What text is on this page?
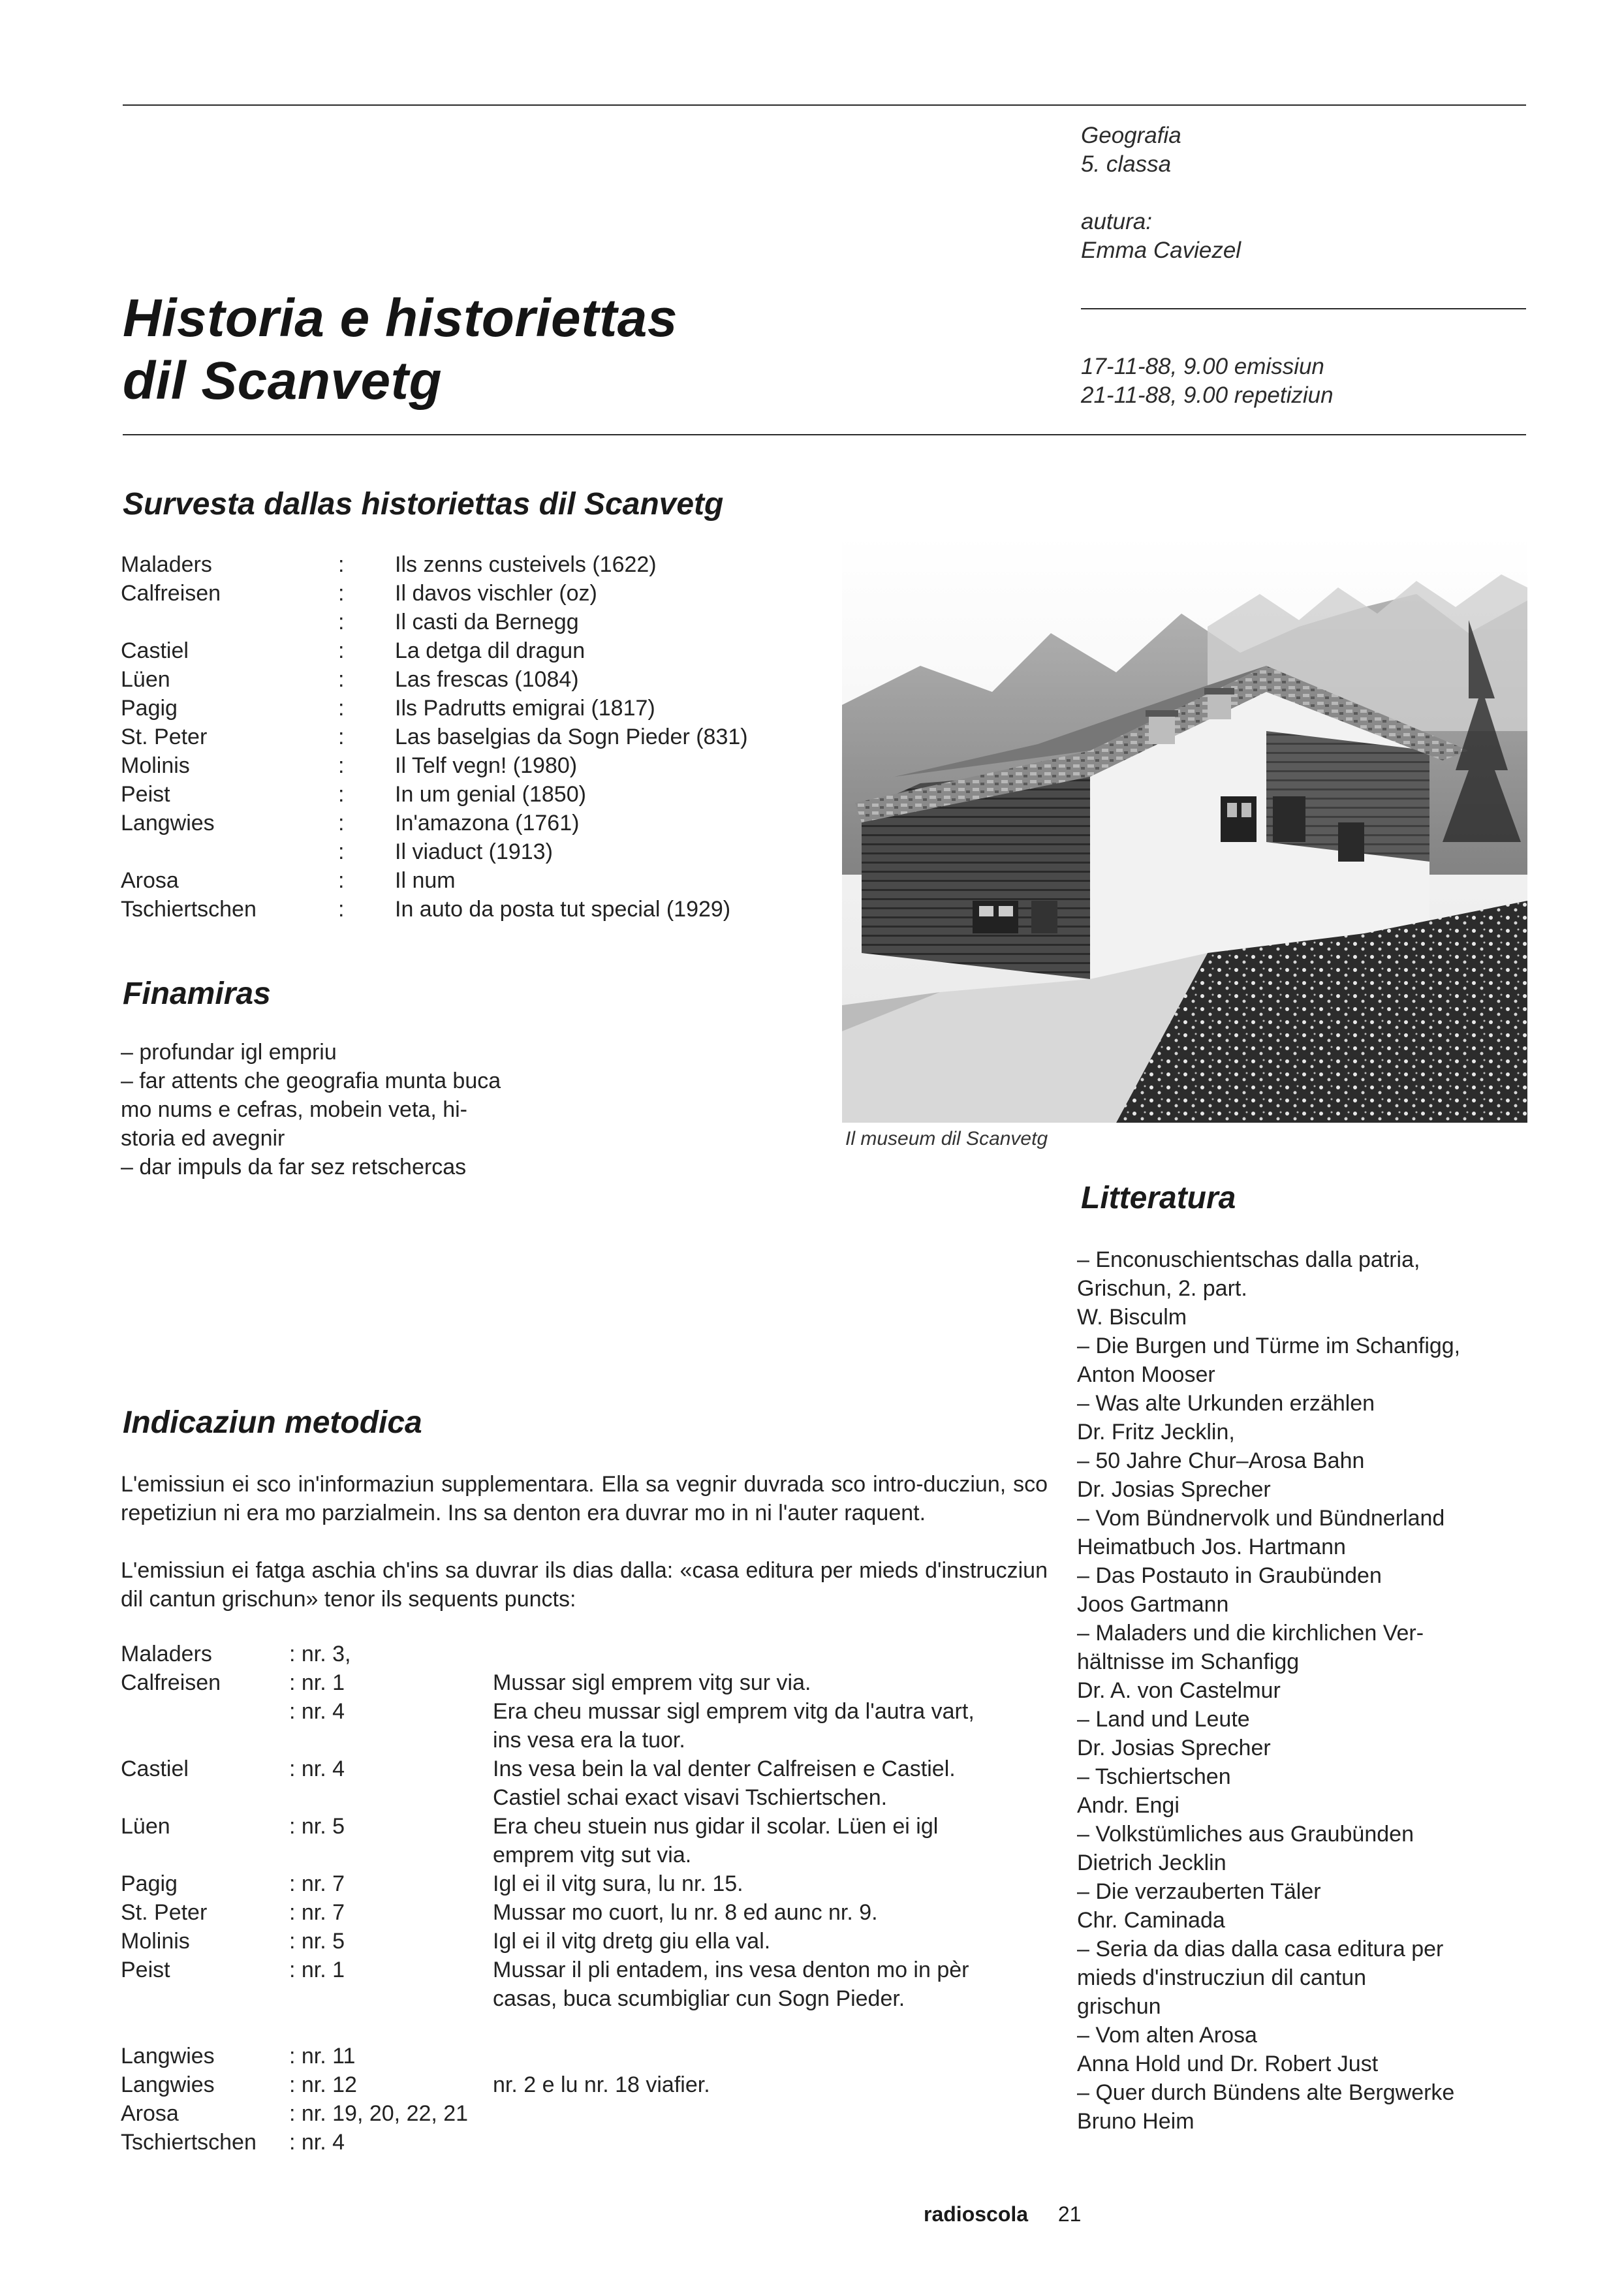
Geografia
5. classa
autura:
Emma Caviezel
17-11-88, 9.00 emissiun
21-11-88, 9.00 repetiziun
Historia e historiettas
dil Scanvetg
Survesta dallas historiettas dil Scanvetg
Maladers	: Ils zenns custeivels (1622)
Calfreisen	: Il davos vischler (oz)
: Il casti da Bernegg
Castiel	: La detga dil dragun
Lüen	: Las frescas (1084)
Pagig	: Ils Padrutts emigrai (1817)
St. Peter	: Las baselgias da Sogn Pieder (831)
Molinis	: Il Telf vegn! (1980)
Peist	: In um genial (1850)
Langwies	: In'amazona (1761)
: Il viaduct (1913)
Arosa	: Il num
Tschiertschen	: In auto da posta tut special (1929)
Il museum dil Scanvetg
Finamiras
– profundar igl empriu
– far attents che geografia munta buca
mo nums e cefras, mobein veta, hi-
storia ed avegnir
– dar impuls da far sez retschercas
Litteratura
– Enconuschientschas dalla patria,
Grischun, 2. part.
W. Bisculm
– Die Burgen und Türme im Schanfigg,
Anton Mooser
– Was alte Urkunden erzählen
Dr. Fritz Jecklin,
– 50 Jahre Chur–Arosa Bahn
Dr. Josias Sprecher
– Vom Bündnervolk und Bündnerland
Heimatbuch Jos. Hartmann
– Das Postauto in Graubünden
Joos Gartmann
– Maladers und die kirchlichen Ver-
hältnisse im Schanfigg
Dr. A. von Castelmur
– Land und Leute
Dr. Josias Sprecher
– Tschiertschen
Andr. Engi
– Volkstümliches aus Graubünden
Dietrich Jecklin
– Die verzauberten Täler
Chr. Caminada
– Seria da dias dalla casa editura per
mieds d'instrucziun dil cantun
grischun
– Vom alten Arosa
Anna Hold und Dr. Robert Just
– Quer durch Bündens alte Bergwerke
Bruno Heim
Indicaziun metodica
L'emissiun ei sco in'informaziun supplementara. Ella sa vegnir duvrada sco intro-ducziun, sco repetiziun ni era mo parzialmein. Ins sa denton era duvrar mo in ni l'auter raquent.
L'emissiun ei fatga aschia ch'ins sa duvrar ils dias dalla: «casa editura per mieds d'instrucziun dil cantun grischun» tenor ils sequents puncts:
Maladers	: nr. 3,
Calfreisen	: nr. 1	Mussar sigl emprem vitg sur via.
: nr. 4	Era cheu mussar sigl emprem vitg da l'autra vart,
ins vesa era la tuor.
Castiel	: nr. 4	Ins vesa bein la val denter Calfreisen e Castiel.
Castiel schai exact visavi Tschiertschen.
Lüen	: nr. 5	Era cheu stuein nus gidar il scolar. Lüen ei igl
emprem vitg sut via.
Pagig	: nr. 7	Igl ei il vitg sura, lu nr. 15.
St. Peter	: nr. 7	Mussar mo cuort, lu nr. 8 ed aunc nr. 9.
Molinis	: nr. 5	Igl ei il vitg dretg giu ella val.
Peist	: nr. 1	Mussar il pli entadem, ins vesa denton mo in pèr
casas, buca scumbigliar cun Sogn Pieder.
Langwies	: nr. 11
Langwies	: nr. 12	nr. 2 e lu nr. 18 viafier.
Arosa	: nr. 19, 20, 22, 21
Tschiertschen : nr. 4
radioscola 21
